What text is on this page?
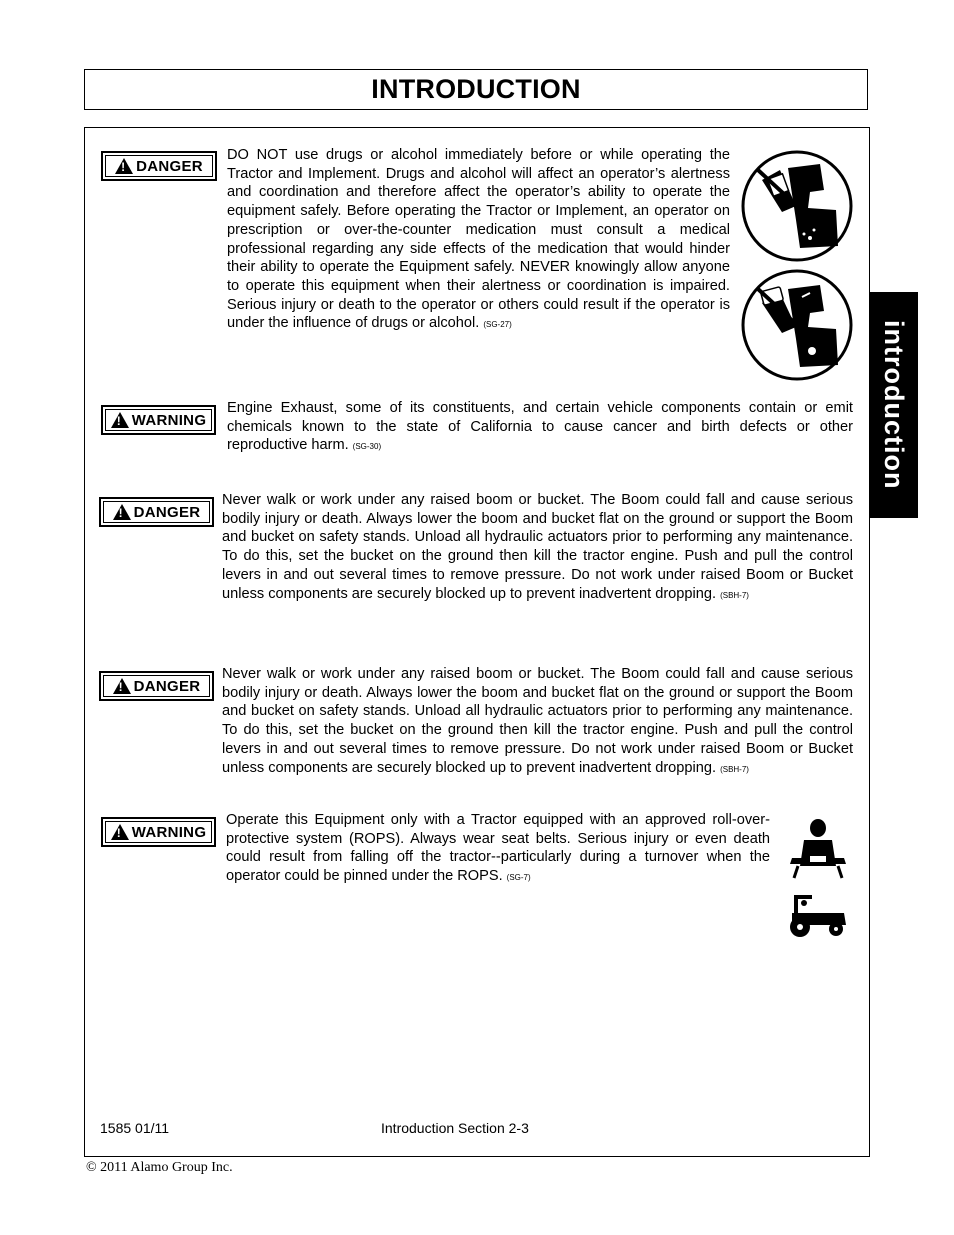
INTRODUCTION
introduction
!
DANGER
DO NOT use drugs or alcohol immediately before or while operating the Tractor and Implement. Drugs and alcohol will affect an operator’s alertness and coordination and therefore affect the operator’s ability to operate the equipment safely. Before operating the Tractor or Implement, an operator on prescription or over-the-counter medication must consult a medical professional regarding any side effects of the medication that would hinder their ability to operate the Equipment safely. NEVER knowingly allow anyone to operate this equipment when their alertness or coordination is impaired. Serious injury or death to the operator or others could result if the operator is under the influence of drugs or alcohol. (SG-27)
!
WARNING
Engine Exhaust, some of its constituents, and certain vehicle components contain or emit chemicals known to the state of California to cause cancer and birth defects or other reproductive harm. (SG-30)
!
DANGER
Never walk or work under any raised boom or bucket. The Boom could fall and cause serious bodily injury or death. Always lower the boom and bucket flat on the ground or support the Boom and bucket on safety stands. Unload all hydraulic actuators prior to performing any maintenance. To do this, set the bucket on the ground then kill the tractor engine. Push and pull the control levers in and out several times to remove pressure. Do not work under raised Boom or Bucket unless components are securely blocked up to prevent inadvertent dropping. (SBH-7)
!
DANGER
Never walk or work under any raised boom or bucket. The Boom could fall and cause serious bodily injury or death. Always lower the boom and bucket flat on the ground or support the Boom and bucket on safety stands. Unload all hydraulic actuators prior to performing any maintenance. To do this, set the bucket on the ground then kill the tractor engine. Push and pull the control levers in and out several times to remove pressure. Do not work under raised Boom or Bucket unless components are securely blocked up to prevent inadvertent dropping. (SBH-7)
!
WARNING
Operate this Equipment only with a Tractor equipped with an approved roll-over-protective system (ROPS). Always wear seat belts. Serious injury or even death could result from falling off the tractor--particularly during a turnover when the operator could be pinned under the ROPS. (SG-7)
1585 01/11	Introduction Section 2-3
© 2011 Alamo Group Inc.
